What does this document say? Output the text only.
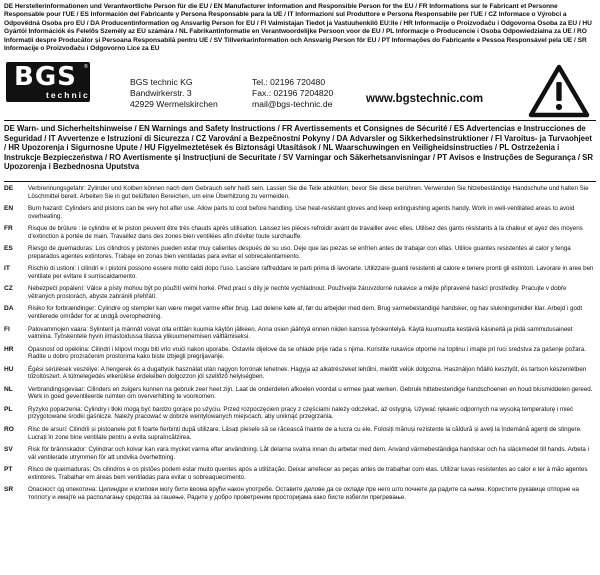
DE Herstellerinformationen und Verantwortliche Person für die EU / EN Manufacturer Information and Responsible Person for the EU / FR Informations sur le Fabricant et Personne Responsable pour l'UE / ES Información del Fabricante y Persona Responsable para la UE / IT Informazioni sul Produttore e Persona Responsabile per l'UE / CZ Informace o Výrobci a Odpovědná Osoba pro EU / DA Producentinformation og Ansvarlig Person for EU / FI Valmistajan Tiedot ja Vastuuhenkilö EU:lle / HR Informacije o Proizvođaču i Odgovorna Osoba za EU / HU Gyártói Információk és Felelős Személy az EU számára / NL Fabrikantinformatie en Verantwoordelijke Persoon voor de EU / PL Informacje o Producencie i Osoba Odpowiedzialna za UE / RO Informații despre Producător și Persoana Responsabilă pentru UE / SV Tillverkarinformation och Ansvarig Person för EU / PT Informações do Fabricante e Pessoa Responsável pela UE / SR Informacije o Proizvođaču i Odgovorno Lice za EU
BGS ®
technic
BGS technic KG
Bandwirkerstr. 3
42929 Wermelskirchen
Tel.: 02196 720480
Fax.: 02196 7204820
mail@bgs-technic.de	www.bgstechnic.com
DE Warn- und Sicherheitshinweise / EN Warnings and Safety Instructions / FR Avertissements et Consignes de Sécurité / ES Advertencias e Instrucciones de Seguridad / IT Avvertenze e Istruzioni di Sicurezza / CZ Varování a Bezpečnostní Pokyny / DA Advarsler og Sikkerhedsinstruktioner / FI Varoitus- ja Turvaohjeet / HR Upozorenja i Sigurnosne Upute / HU Figyelmeztetések és Biztonsági Utasítások / NL Waarschuwingen en Veiligheidsinstructies / PL Ostrzeżenia i Instrukcje Bezpieczeństwa / RO Avertismente și Instrucțiuni de Securitate / SV Varningar och Säkerhetsanvisningar / PT Avisos e Instruções de Segurança / SR Upozorenja i Bezbednosna Uputstva
DE	Verbrennungsgefahr: Zylinder und Kolben können nach dem Gebrauch sehr heiß sein. Lassen Sie die Teile abkühlen, bevor Sie diese berühren. Verwenden Sie hitzebeständige Handschuhe und halten Sie Löschmittel bereit. Arbeiten Sie in gut belüfteten Bereichen, um eine Überhitzung zu vermeiden.
EN	Burn hazard: Cylinders and pistons can be very hot after use. Allow parts to cool before handling. Use heat-resistant gloves and keep extinguishing agents handy. Work in well-ventilated areas to avoid overheating.
FR	Risque de brûlure : le cylindre et le piston peuvent être très chauds après utilisation. Laissez les pièces refroidir avant de travailler avec elles. Utilisez des gants résistants à la chaleur et ayez des moyens d'extinction à portée de main. Travaillez dans des zones bien ventilées afin d'éviter toute surchauffe.
ES	Riesgo de quemaduras: Los cilindros y pistones pueden estar muy calientes después de su uso. Deje que las piezas se enfríen antes de trabajar con ellas. Utilice guantes resistentes al calor y tenga preparados agentes extintores. Trabaje en zonas bien ventiladas para evitar el sobrecalentamiento.
IT	Rischio di ustioni: i cilindri e i pistoni possono essere molto caldi dopo l'uso. Lasciare raffreddare le parti prima di lavorarle. Utilizzare guanti resistenti al calore e tenere pronti gli estintori. Lavorare in aree ben ventilate per evitare il surriscaldamento.
CZ	Nebezpečí popálení: Válce a písty mohou být po použití velmi horké. Před prací s díly je nechte vychladnout. Používejte žáruvzdorné rukavice a mějte připravené hasicí prostředky. Pracujte v dobře větraných prostorách, abyste zabránili přehřátí.
DA	Risiko for forbrændinger: Cylindre og stempler kan være meget varme efter brug. Lad delene køle af, før du arbejder med dem. Brug varmebestandige handsker, og hav slukningsmidler klar. Arbejd i godt ventilerede områder for at undgå overophedning.
FI	Palovammojen vaara: Sylinterit ja männät voivat olla erittäin kuumia käytön jälkeen. Anna osien jäähtyä ennen niiden kanssa työskentelyä. Käytä kuumuutta kestäviä käsineitä ja pidä sammutusaineet valmiina. Työskentele hyvin ilmastoidussa tilassa ylikuumenemisen välttämiseksi.
HR	Opasnost od opeklina: Cilindri i klipovi mogu biti vrlo vrući nakon uporabe. Ostavite dijelove da se ohlade prije rada s njima. Koristite rukavice otporne na toplinu i imajte pri ruci sredstva za gašenje požara. Radite u dobro prozračenim prostorima kako biste izbjegli pregrijavanje.
HU	Égési sérülések veszélye: A hengerek és a dugattyúk használat után nagyon forrónak lehetnek. Hagyja az alkatrészeket lehűlni, mielőtt velük dolgozna. Használjon hőálló kesztyűt, és tartson készenlétben tűzoltószert. A túlmelegedés elkerülése érdekében dolgozzon jól szellőző helyiségben.
NL	Verbrandingsgevaar: Cilinders en zuigers kunnen na gebruik zeer heet zijn. Laat de onderdelen afkoelen voordat u ermee gaat werken. Gebruik hittebestendige handschoenen en houd blusmiddelen gereed. Werk in goed geventileerde ruimten om oververhitting te voorkomen.
PL	Ryzyko poparzenia: Cylindry i tłoki mogą być bardzo gorące po użyciu. Przed rozpoczęciem pracy z częściami należy odczekać, aż ostygną. Używać rękawic odpornych na wysoką temperaturę i mieć przygotowane środki gaśnicze. Należy pracować w dobrze wentylowanych miejscach, aby uniknąć przegrzania.
RO	Risc de arsuri: Cilindrii și pistoanele pot fi foarte fierbinți după utilizare. Lăsați piesele să se răcească înainte de a lucra cu ele. Folosiți mănuși rezistente la căldură și aveți la îndemână agenți de stingere. Lucrați în zone bine ventilate pentru a evita supraîncălzirea.
SV	Risk för brännskador: Cylindrar och kolvar kan vara mycket varma efter användning. Låt delarna svalna innan du arbetar med dem. Använd värmebeständiga handskar och ha släckmedel till hands. Arbeta i väl ventilerade utrymmen för att undvika överhettning.
PT	Risco de queimaduras: Os cilindros e os pistões podem estar muito quentes após a utilização. Deixar arrefecer as peças antes de trabalhar com elas. Utilizar luvas resistentes ao calor e ter à mão agentes extintores. Trabalhar em áreas bem ventiladas para evitar o sobreaquecimento.
SR	Опасност од опекотина: Цилиндри и клипови могу бити веома врући након употребе. Оставите делове да се охладе пре него што почнете да радите са њима. Користите рукавице отпорне на топлоту и имајте на располагању средства за гашење. Радите у добро проветреним просторијама како бисте избегли прегревање.
